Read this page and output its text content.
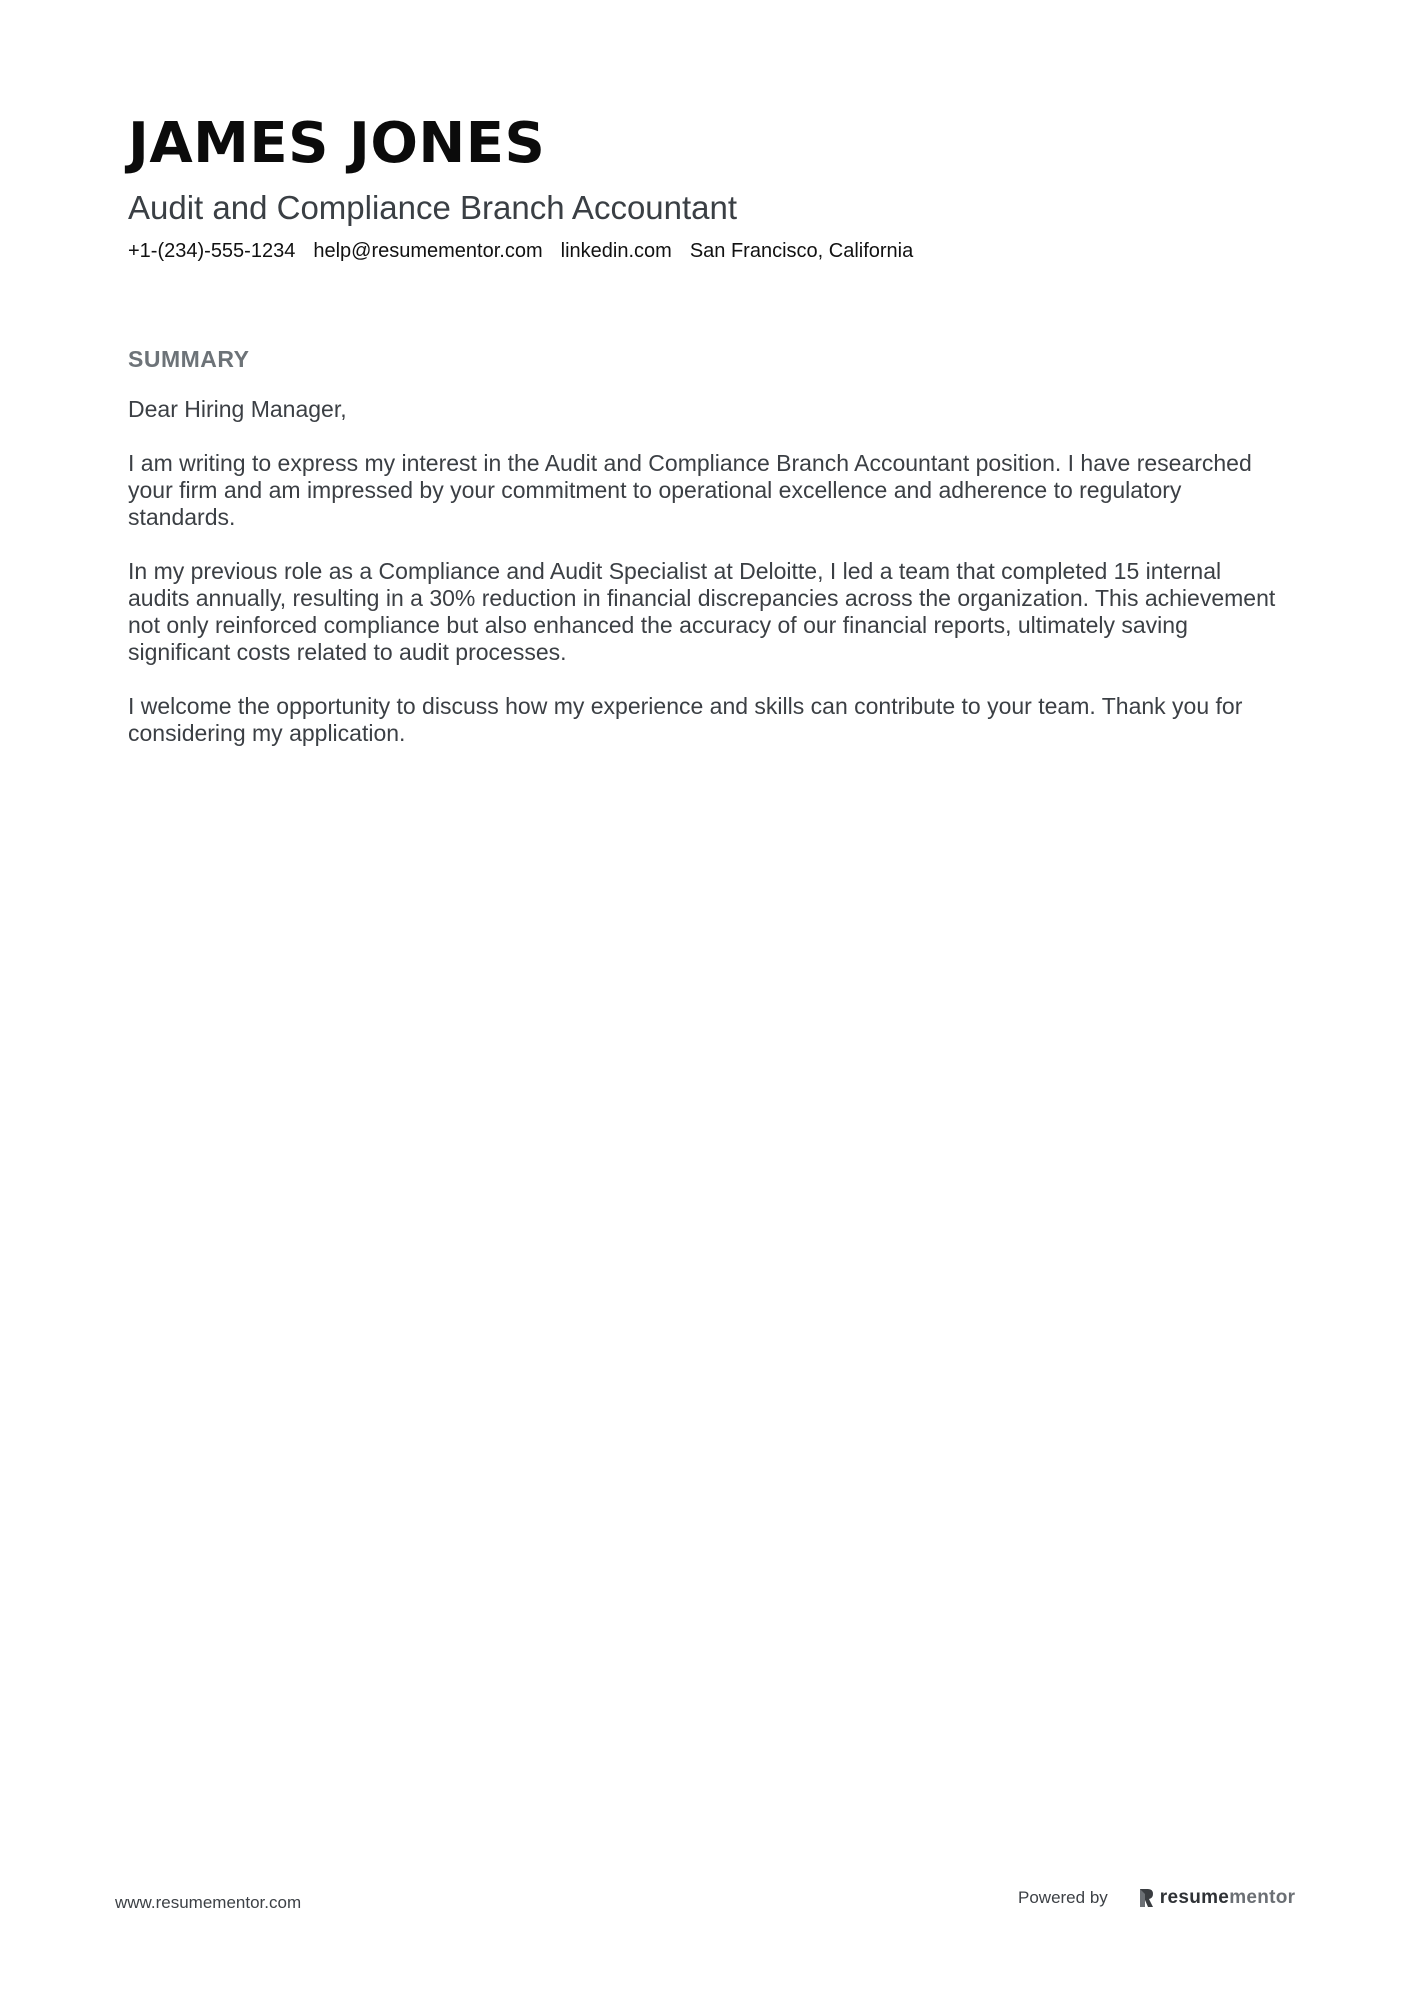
JAMES JONES
Audit and Compliance Branch Accountant
+1-(234)-555-1234 help@resumementor.com linkedin.com San Francisco, California
SUMMARY

Dear Hiring Manager,

I am writing to express my interest in the Audit and Compliance Branch Accountant position. I have researched your firm and am impressed by your commitment to operational excellence and adherence to regulatory standards.

In my previous role as a Compliance and Audit Specialist at Deloitte, I led a team that completed 15 internal audits annually, resulting in a 30% reduction in financial discrepancies across the organization. This achievement not only reinforced compliance but also enhanced the accuracy of our financial reports, ultimately saving significant costs related to audit processes.

I welcome the opportunity to discuss how my experience and skills can contribute to your team. Thank you for considering my application.

www.resumementor.com	Powered by	resumementor
